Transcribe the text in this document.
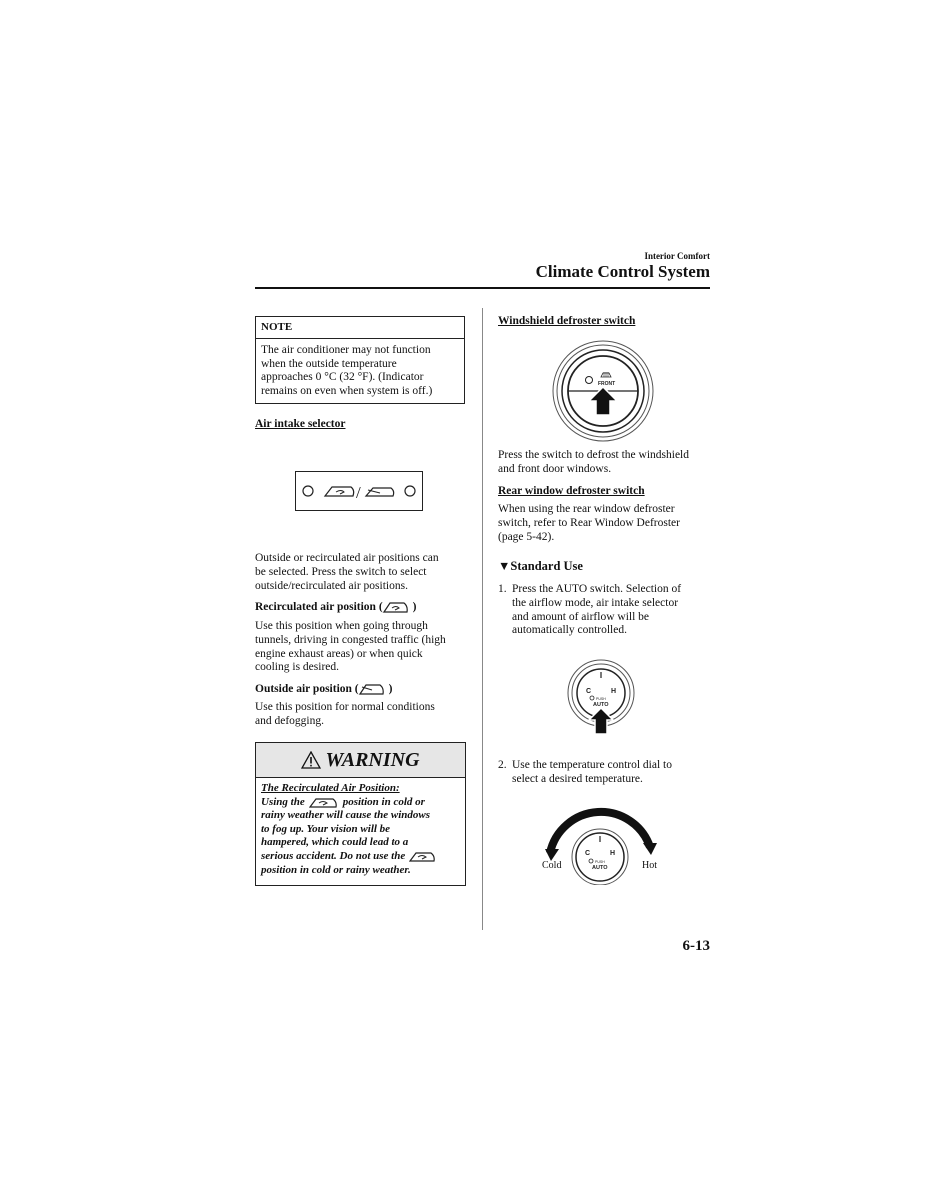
Interior Comfort
Climate Control System
NOTE
The air conditioner may not function
when the outside temperature
approaches 0 °C (32 °F). (Indicator
remains on even when system is off.)
Air intake selector
/
Outside or recirculated air positions can
be selected. Press the switch to select
outside/recirculated air positions.
Recirculated air position (	)
Use this position when going through
tunnels, driving in congested traffic (high
engine exhaust areas) or when quick
cooling is desired.
Outside air position (	)
Use this position for normal conditions
and defogging.
WARNING
The Recirculated Air Position:
Using the	position in cold or
rainy weather will cause the windows
to fog up. Your vision will be
hampered, which could lead to a
serious accident. Do not use the
position in cold or rainy weather.
Windshield defroster switch
FRONT
Press the switch to defrost the windshield
and front door windows.
Rear window defroster switch
When using the rear window defroster
switch, refer to Rear Window Defroster
(page 5-42).
▼Standard Use
1. Press the AUTO switch. Selection of
the airflow mode, air intake selector
and amount of airflow will be
automatically controlled.
C	H
PUSH
AUTO
2. Use the temperature control dial to
select a desired temperature.
C	H
PUSH
AUTO
Cold	Hot
6-13
